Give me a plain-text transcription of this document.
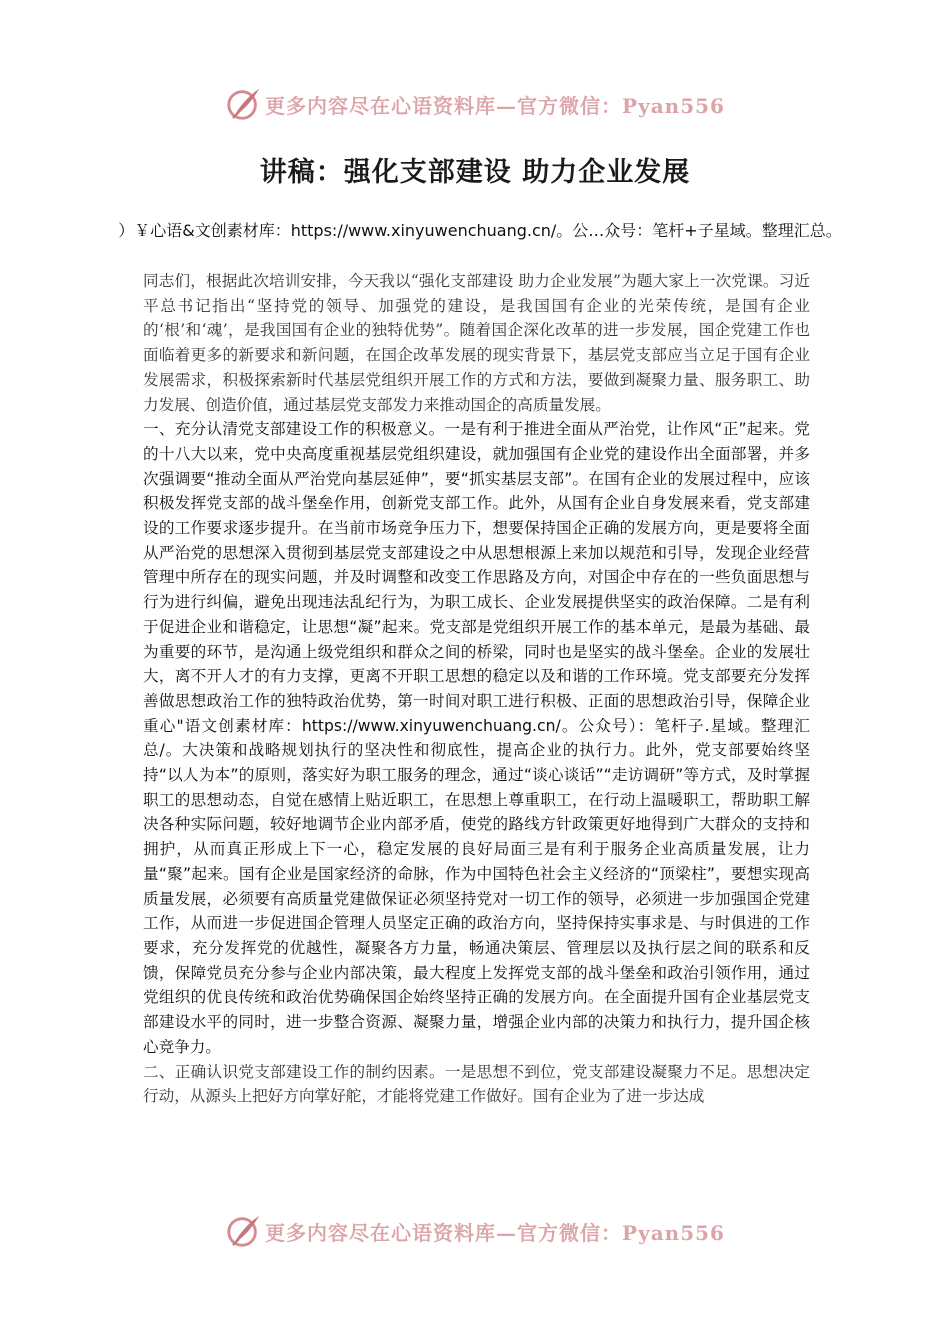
更多内容尽在心语资料库—官方微信：Pyan556
讲稿：强化支部建设 助力企业发展
）￥心语&文创素材库：https://www.xinyuwenchuang.cn/。公…众号：笔杆+子星域。整理汇总。

同志们，根据此次培训安排，今天我以“强化支部建设 助力企业发展”为题大家上一次党课。习近平总书记指出“坚持党的领导、加强党的建设，是我国国有企业的光荣传统，是国有企业的‘根’和‘魂’，是我国国有企业的独特优势”。随着国企深化改革的进一步发展，国企党建工作也面临着更多的新要求和新问题，在国企改革发展的现实背景下，基层党支部应当立足于国有企业发展需求，积极探索新时代基层党组织开展工作的方式和方法，要做到凝聚力量、服务职工、助力发展、创造价值，通过基层党支部发力来推动国企的高质量发展。

一、充分认清党支部建设工作的积极意义。一是有利于推进全面从严治党，让作风“正”起来。党的十八大以来，党中央高度重视基层党组织建设，就加强国有企业党的建设作出全面部署，并多次强调要“推动全面从严治党向基层延伸”，要“抓实基层支部”。在国有企业的发展过程中，应该积极发挥党支部的战斗堡垒作用，创新党支部工作。此外，从国有企业自身发展来看，党支部建设的工作要求逐步提升。在当前市场竞争压力下，想要保持国企正确的发展方向，更是要将全面从严治党的思想深入贯彻到基层党支部建设之中从思想根源上来加以规范和引导，发现企业经营管理中所存在的现实问题，并及时调整和改变工作思路及方向，对国企中存在的一些负面思想与行为进行纠偏，避免出现违法乱纪行为，为职工成长、企业发展提供坚实的政治保障。二是有利于促进企业和谐稳定，让思想“凝”起来。党支部是党组织开展工作的基本单元，是最为基础、最为重要的环节，是沟通上级党组织和群众之间的桥梁，同时也是坚实的战斗堡垒。企业的发展壮大，离不开人才的有力支撑，更离不开职工思想的稳定以及和谐的工作环境。党支部要充分发挥善做思想政治工作的独特政治优势，第一时间对职工进行积极、正面的思想政治引导，保障企业重心"语文创素材库：https://www.xinyuwenchuang.cn/。公众号）：笔杆子.星域。整理汇总/。大决策和战略规划执行的坚决性和彻底性，提高企业的执行力。此外，党支部要始终坚持“以人为本”的原则，落实好为职工服务的理念，通过“谈心谈话”“走访调研”等方式，及时掌握职工的思想动态，自觉在感情上贴近职工，在思想上尊重职工，在行动上温暖职工，帮助职工解决各种实际问题，较好地调节企业内部矛盾，使党的路线方针政策更好地得到广大群众的支持和拥护，从而真正形成上下一心，稳定发展的良好局面三是有利于服务企业高质量发展，让力量“聚”起来。国有企业是国家经济的命脉，作为中国特色社会主义经济的“顶梁柱”，要想实现高质量发展，必须要有高质量党建做保证必须坚持党对一切工作的领导，必须进一步加强国企党建工作，从而进一步促进国企管理人员坚定正确的政治方向，坚持保持实事求是、与时俱进的工作要求，充分发挥党的优越性，凝聚各方力量，畅通决策层、管理层以及执行层之间的联系和反馈，保障党员充分参与企业内部决策，最大程度上发挥党支部的战斗堡垒和政治引领作用，通过党组织的优良传统和政治优势确保国企始终坚持正确的发展方向。在全面提升国有企业基层党支部建设水平的同时，进一步整合资源、凝聚力量，增强企业内部的决策力和执行力，提升国企核心竞争力。

二、正确认识党支部建设工作的制约因素。一是思想不到位，党支部建设凝聚力不足。思想决定行动，从源头上把好方向掌好舵，才能将党建工作做好。国有企业为了进一步达成

更多内容尽在心语资料库—官方微信：Pyan556
